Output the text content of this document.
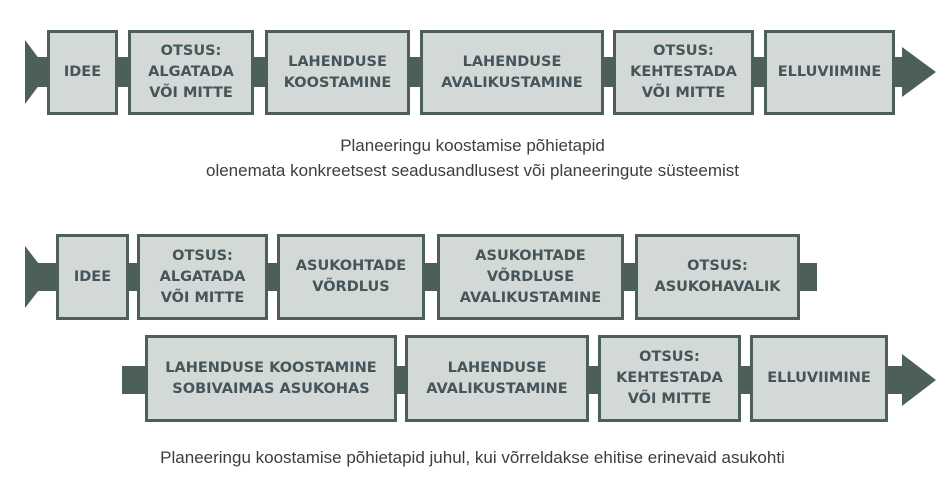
IDEE
OTSUS:
ALGATADA
VÕI MITTE
LAHENDUSE
KOOSTAMINE
LAHENDUSE
AVALIKUSTAMINE
OTSUS:
KEHTESTADA
VÕI MITTE
ELLUVIIMINE
Planeeringu koostamise põhietapid
olenemata konkreetsest seadusandlusest või planeeringute süsteemist
IDEE
OTSUS:
ALGATADA
VÕI MITTE
ASUKOHTADE
VÕRDLUS
ASUKOHTADE
VÕRDLUSE
AVALIKUSTAMINE
OTSUS:
ASUKOHAVALIK
LAHENDUSE KOOSTAMINE
SOBIVAIMAS ASUKOHAS
LAHENDUSE
AVALIKUSTAMINE
OTSUS:
KEHTESTADA
VÕI MITTE
ELLUVIIMINE
Planeeringu koostamise põhietapid juhul, kui võrreldakse ehitise erinevaid asukohti
